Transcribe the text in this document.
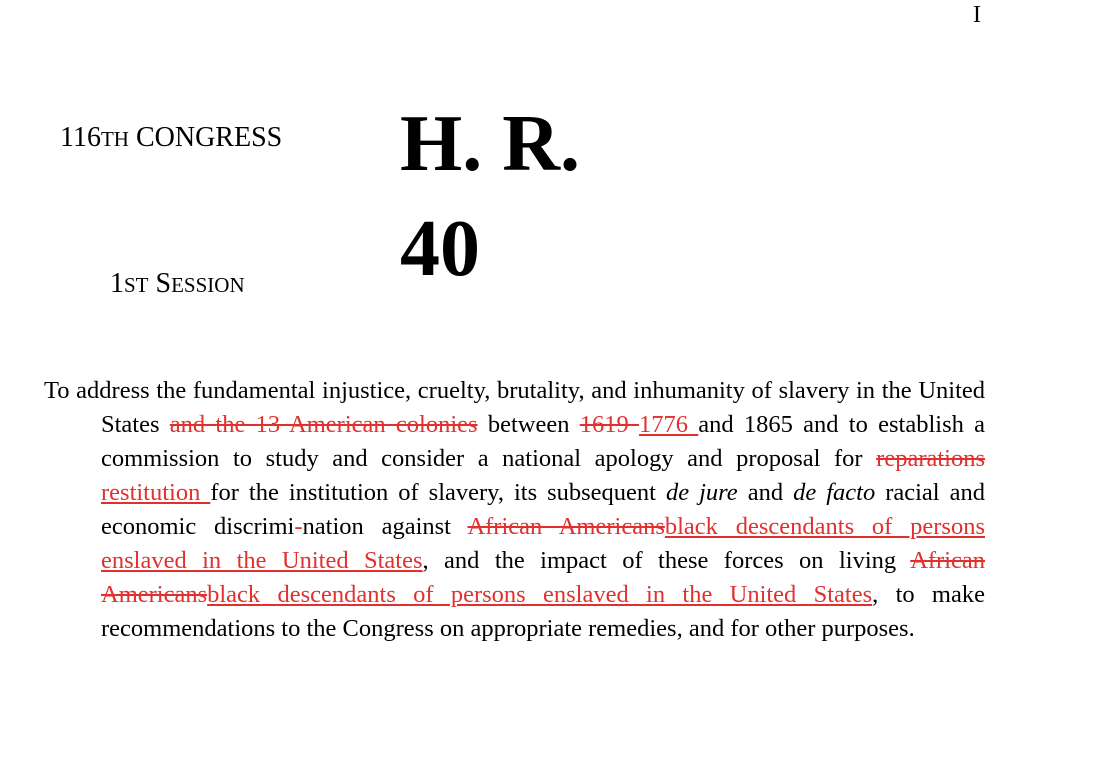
I
116TH CONGRESS
1ST SESSION
H. R.
40

To address the fundamental injustice, cruelty, brutality, and inhumanity of slavery in the United States and the 13 American colonies between 1619 1776 and 1865 and to establish a commission to study and consider a national apology and proposal for reparations restitution for the institution of slavery, its subsequent de jure and de facto racial and economic discrimi-nation against African Americansblack descendants of persons enslaved in the United States, and the impact of these forces on living African Americansblack descendants of persons enslaved in the United States, to make recommendations to the Congress on appropriate remedies, and for other purposes.
